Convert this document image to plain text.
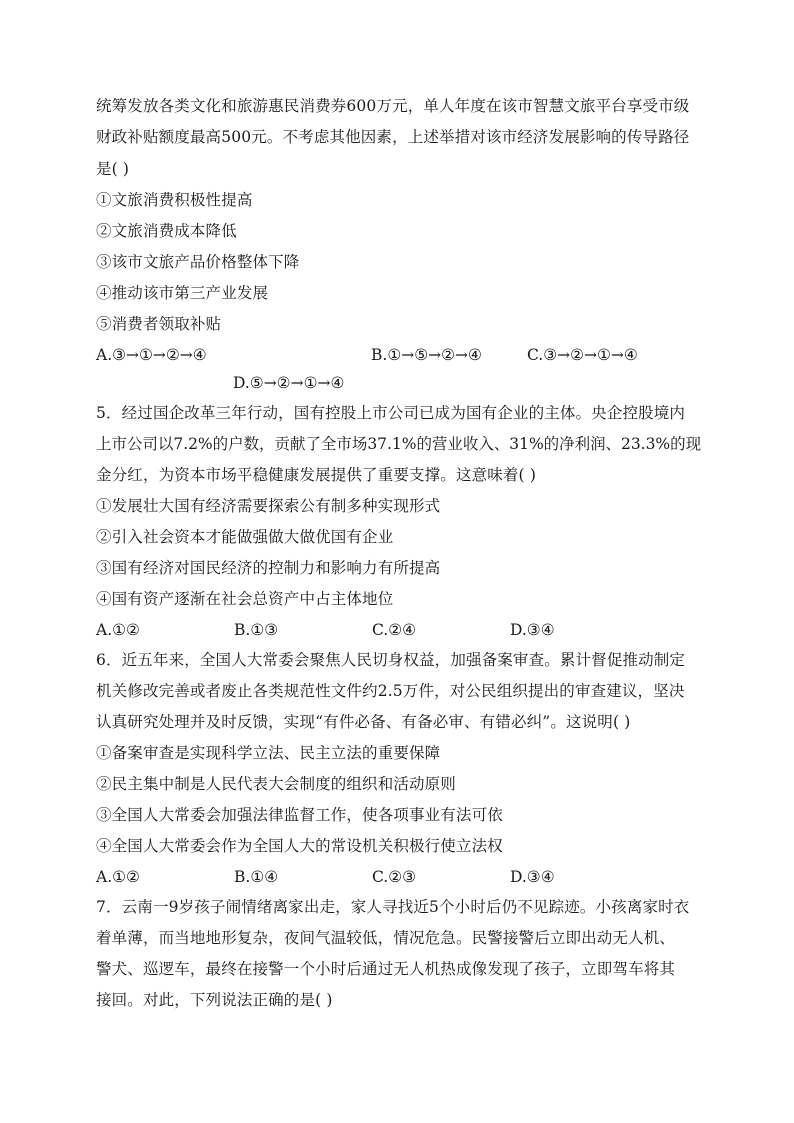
统筹发放各类文化和旅游惠民消费券600万元，单人年度在该市智慧文旅平台享受市级
财政补贴额度最高500元。不考虑其他因素，上述举措对该市经济发展影响的传导路径
是( )
①文旅消费积极性提高
②文旅消费成本降低
③该市文旅产品价格整体下降
④推动该市第三产业发展
⑤消费者领取补贴
A.③→①→②→④	B.①→⑤→②→④	C.③→②→①→④
D.⑤→②→①→④
5．经过国企改革三年行动，国有控股上市公司已成为国有企业的主体。央企控股境内
上市公司以7.2%的户数，贡献了全市场37.1%的营业收入、31%的净利润、23.3%的现
金分红，为资本市场平稳健康发展提供了重要支撑。这意味着( )
①发展壮大国有经济需要探索公有制多种实现形式
②引入社会资本才能做强做大做优国有企业
③国有经济对国民经济的控制力和影响力有所提高
④国有资产逐渐在社会总资产中占主体地位
A.①②	B.①③	C.②④	D.③④
6．近五年来，全国人大常委会聚焦人民切身权益，加强备案审查。累计督促推动制定
机关修改完善或者废止各类规范性文件约2.5万件，对公民组织提出的审查建议，坚决
认真研究处理并及时反馈，实现“有件必备、有备必审、有错必纠”。这说明( )
①备案审查是实现科学立法、民主立法的重要保障
②民主集中制是人民代表大会制度的组织和活动原则
③全国人大常委会加强法律监督工作，使各项事业有法可依
④全国人大常委会作为全国人大的常设机关积极行使立法权
A.①②	B.①④	C.②③	D.③④
7．云南一9岁孩子闹情绪离家出走，家人寻找近5个小时后仍不见踪迹。小孩离家时衣
着单薄，而当地地形复杂，夜间气温较低，情况危急。民警接警后立即出动无人机、
警犬、巡逻车，最终在接警一个小时后通过无人机热成像发现了孩子，立即驾车将其
接回。对此，下列说法正确的是( )
